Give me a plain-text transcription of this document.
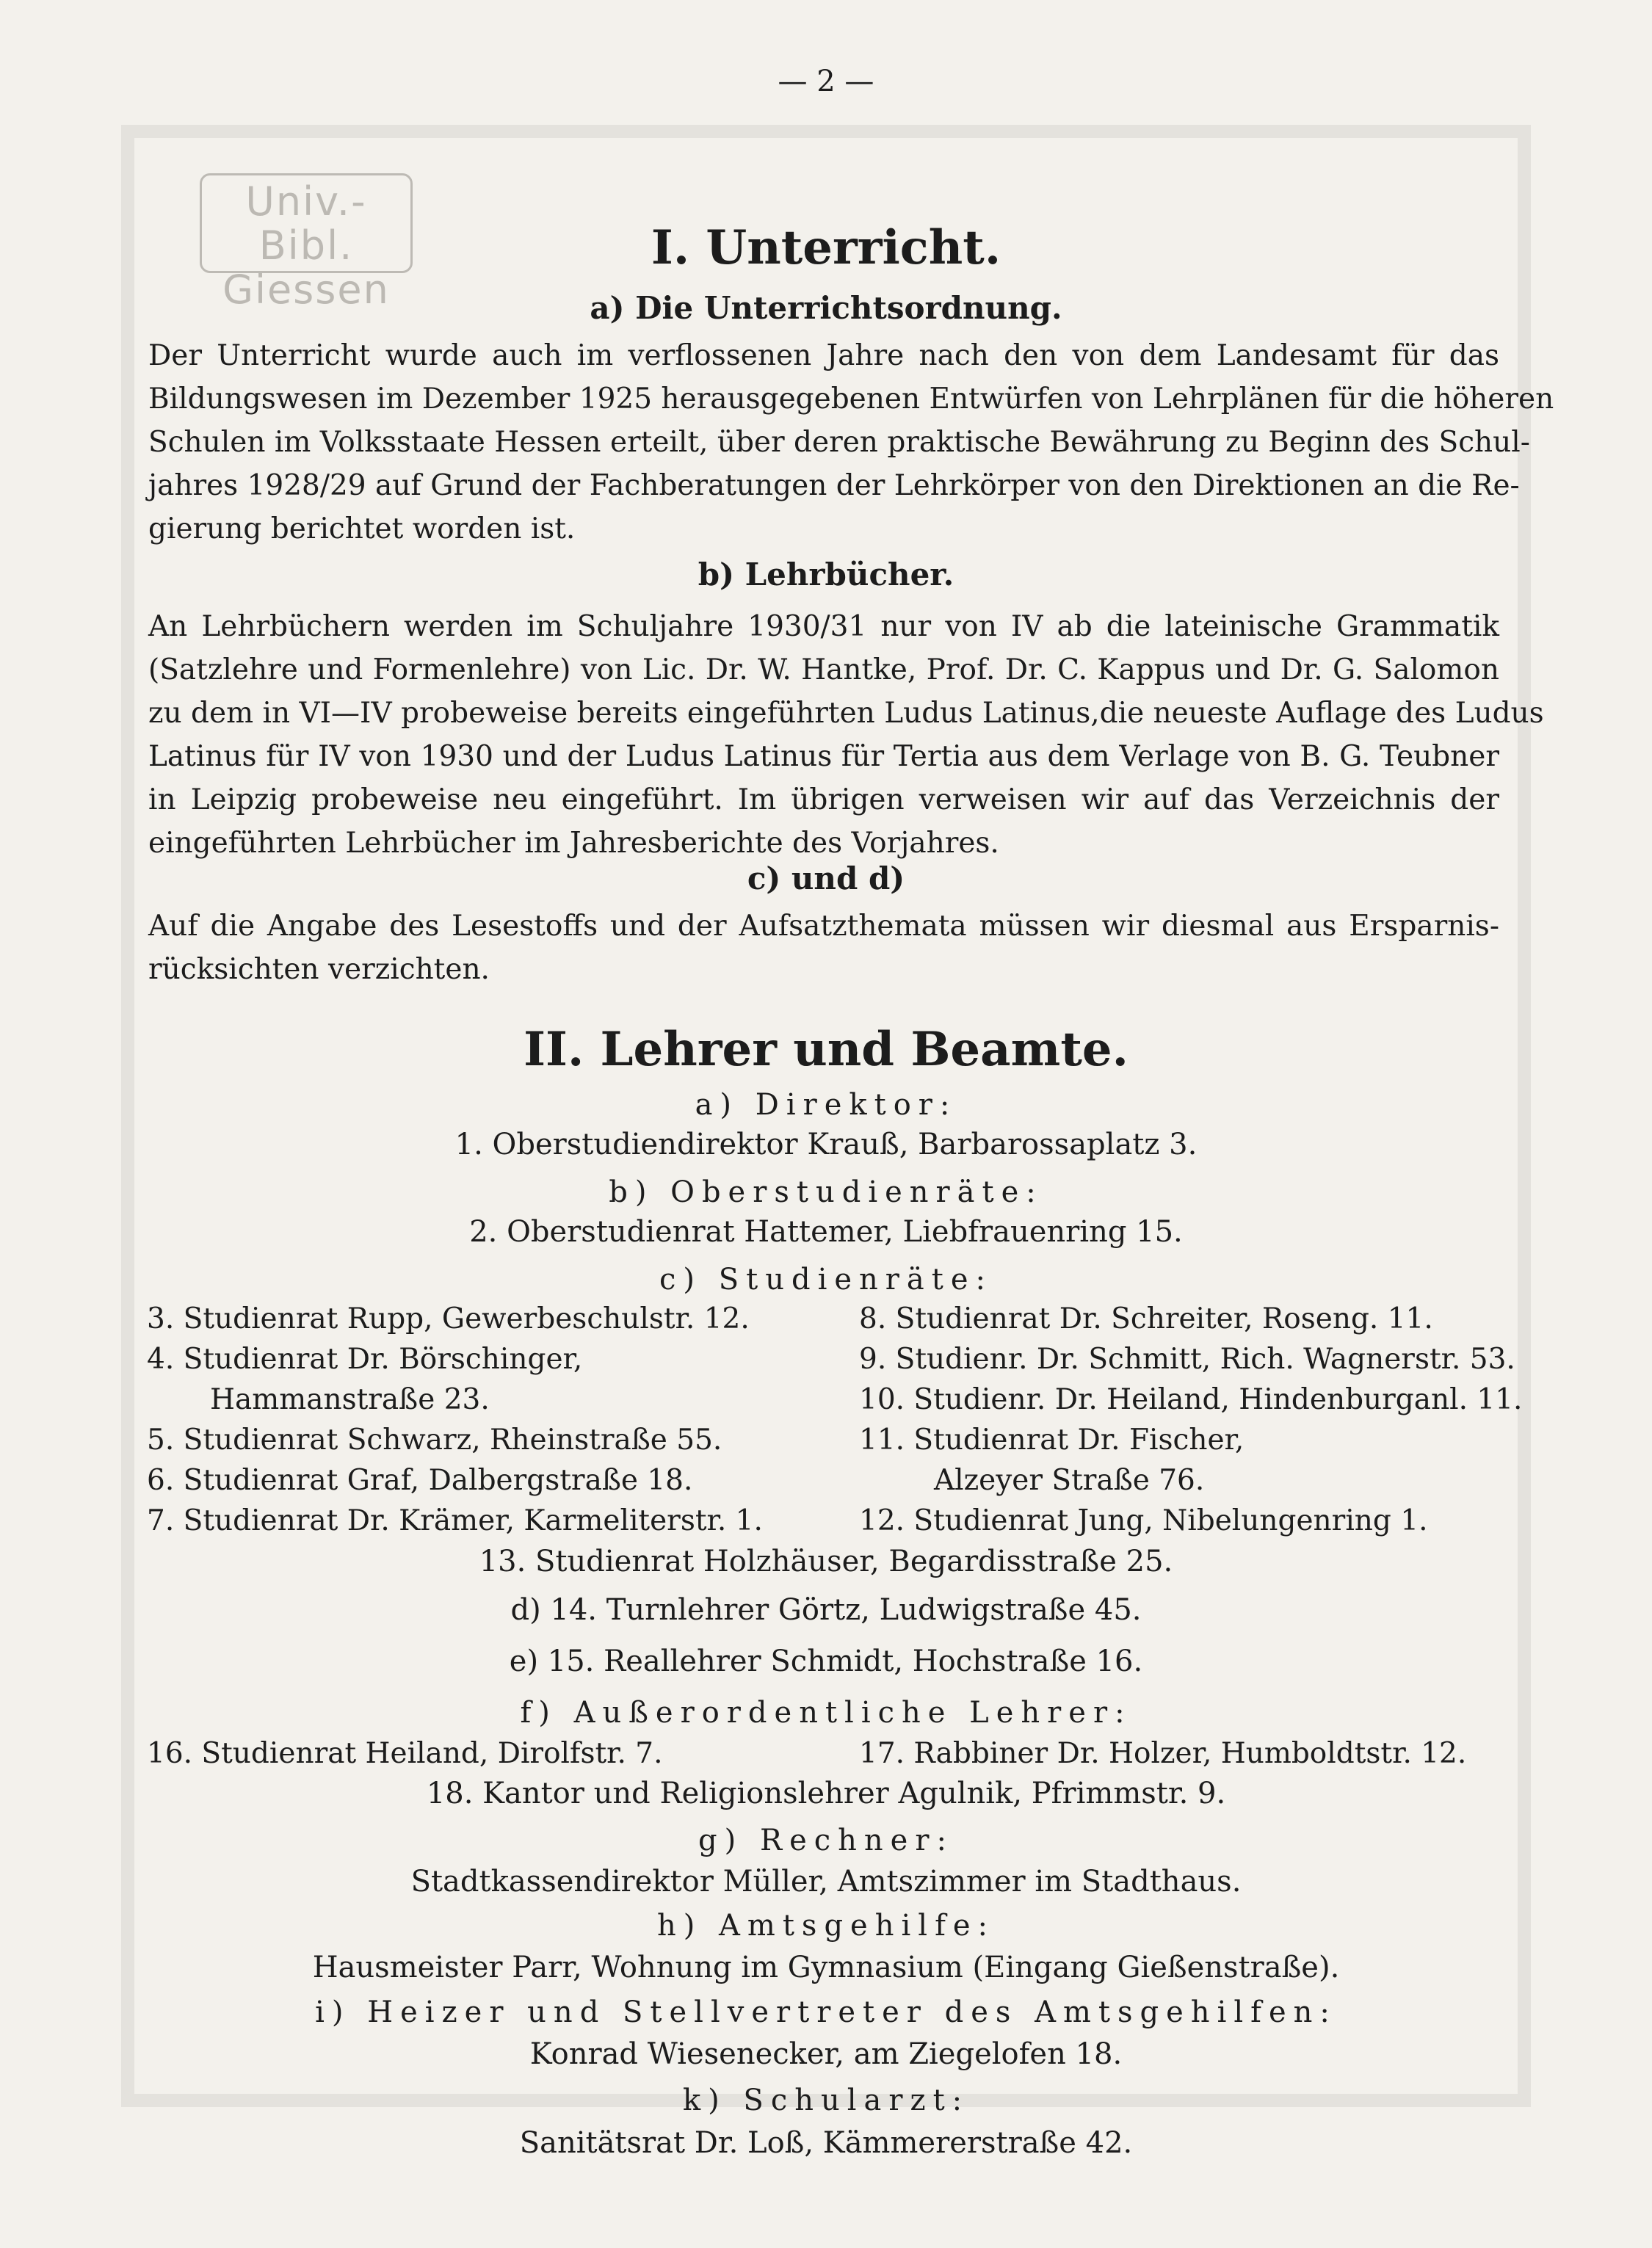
Univ.-Bibl.
Giessen
— 2 —
I. Unterricht.
a) Die Unterrichtsordnung.
Der Unterricht wurde auch im verflossenen Jahre nach den von dem Landesamt für das
Bildungswesen im Dezember 1925 herausgegebenen Entwürfen von Lehrplänen für die höheren
Schulen im Volksstaate Hessen erteilt, über deren praktische Bewährung zu Beginn des Schul-
jahres 1928/29 auf Grund der Fachberatungen der Lehrkörper von den Direktionen an die Re-
gierung berichtet worden ist.
b) Lehrbücher.
An Lehrbüchern werden im Schuljahre 1930/31 nur von IV ab die lateinische Grammatik
(Satzlehre und Formenlehre) von Lic. Dr. W. Hantke, Prof. Dr. C. Kappus und Dr. G. Salomon
zu dem in VI—IV probeweise bereits eingeführten Ludus Latinus,die neueste Auflage des Ludus
Latinus für IV von 1930 und der Ludus Latinus für Tertia aus dem Verlage von B. G. Teubner
in Leipzig probeweise neu eingeführt. Im übrigen verweisen wir auf das Verzeichnis der
eingeführten Lehrbücher im Jahresberichte des Vorjahres.
c) und d)
Auf die Angabe des Lesestoffs und der Aufsatzthemata müssen wir diesmal aus Ersparnis-
rücksichten verzichten.
II. Lehrer und Beamte.
a) Direktor:
1. Oberstudiendirektor Krauß, Barbarossaplatz 3.
b) Oberstudienräte:
2. Oberstudienrat Hattemer, Liebfrauenring 15.
c) Studienräte:
3. Studienrat Rupp, Gewerbeschulstr. 12.
4. Studienrat Dr. Börschinger,
Hammanstraße 23.
5. Studienrat Schwarz, Rheinstraße 55.
6. Studienrat Graf, Dalbergstraße 18.
7. Studienrat Dr. Krämer, Karmeliterstr. 1.
8. Studienrat Dr. Schreiter, Roseng. 11.
9. Studienr. Dr. Schmitt, Rich. Wagnerstr. 53.
10. Studienr. Dr. Heiland, Hindenburganl. 11.
11. Studienrat Dr. Fischer,
Alzeyer Straße 76.
12. Studienrat Jung, Nibelungenring 1.
13. Studienrat Holzhäuser, Begardisstraße 25.
d) 14. Turnlehrer Görtz, Ludwigstraße 45.
e) 15. Reallehrer Schmidt, Hochstraße 16.
f) Außerordentliche Lehrer:
16. Studienrat Heiland, Dirolfstr. 7.	17. Rabbiner Dr. Holzer, Humboldtstr. 12.
18. Kantor und Religionslehrer Agulnik, Pfrimmstr. 9.
g) Rechner:
Stadtkassendirektor Müller, Amtszimmer im Stadthaus.
h) Amtsgehilfe:
Hausmeister Parr, Wohnung im Gymnasium (Eingang Gießenstraße).
i) Heizer und Stellvertreter des Amtsgehilfen:
Konrad Wiesenecker, am Ziegelofen 18.
k) Schularzt:
Sanitätsrat Dr. Loß, Kämmererstraße 42.
